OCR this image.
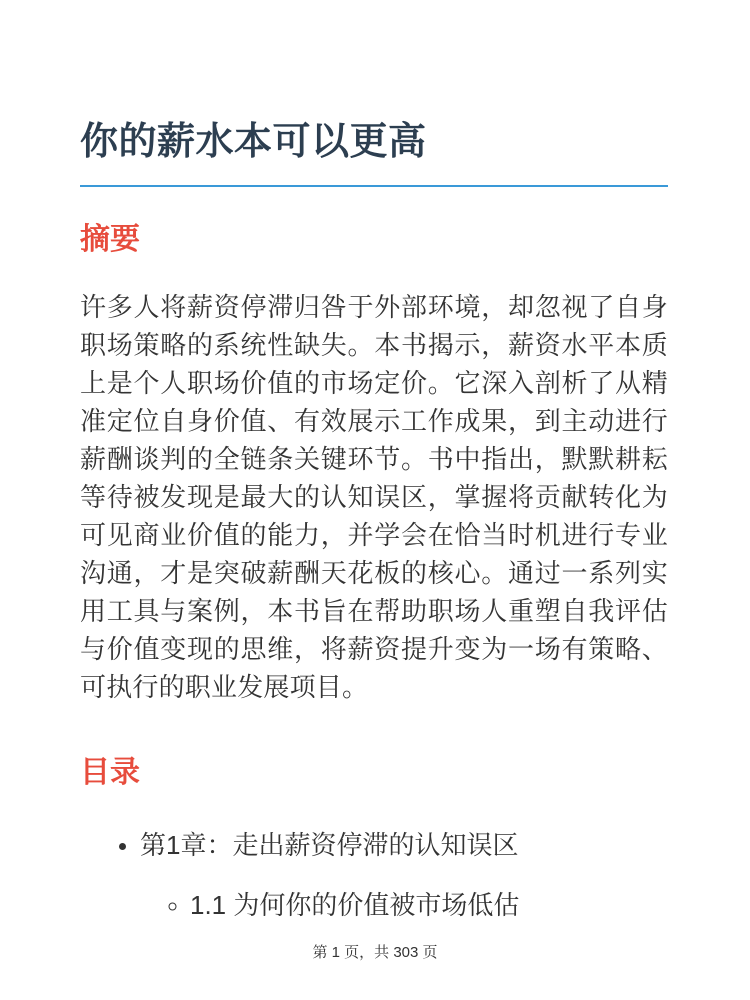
你的薪水本可以更高
摘要

许多人将薪资停滞归咎于外部环境，却忽视了自身职场策略的系统性缺失。本书揭示，薪资水平本质上是个人职场价值的市场定价。它深入剖析了从精准定位自身价值、有效展示工作成果，到主动进行薪酬谈判的全链条关键环节。书中指出，默默耕耘等待被发现是最大的认知误区，掌握将贡献转化为可见商业价值的能力，并学会在恰当时机进行专业沟通，才是突破薪酬天花板的核心。通过一系列实用工具与案例，本书旨在帮助职场人重塑自我评估与价值变现的思维，将薪资提升变为一场有策略、可执行的职业发展项目。

目录
• 第1章：走出薪资停滞的认知误区
◦ 1.1 为何你的价值被市场低估
第 1 页，共 303 页
